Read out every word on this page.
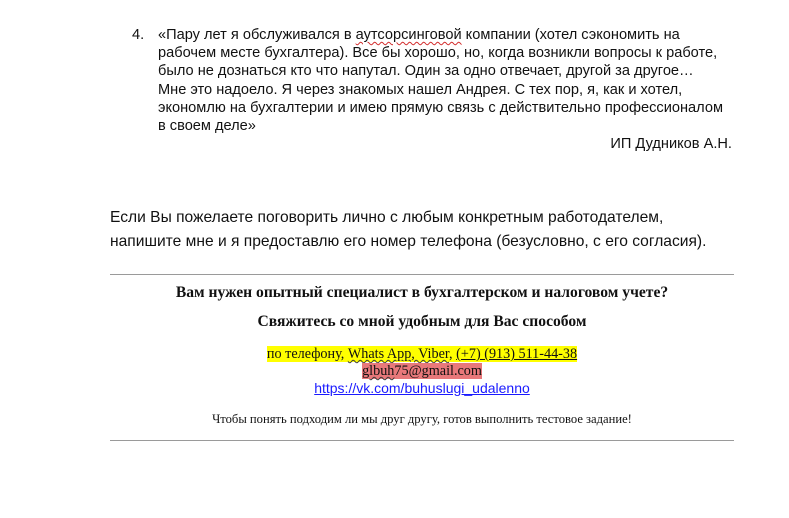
4. «Пару лет я обслуживался в аутсорсинговой компании (хотел сэкономить на
рабочем месте бухгалтера). Все бы хорошо, но, когда возникли вопросы к работе,
было не дознаться кто что напутал. Один за одно отвечает, другой за другое…
Мне это надоело. Я через знакомых нашел Андрея. С тех пор, я, как и хотел,
экономлю на бухгалтерии и имею прямую связь с действительно профессионалом
в своем деле»
ИП Дудников А.Н.
Если Вы пожелаете поговорить лично с любым конкретным работодателем,
напишите мне и я предоставлю его номер телефона (безусловно, с его согласия).
Вам нужен опытный специалист в бухгалтерском и налоговом учете?
Свяжитесь со мной удобным для Вас способом
по телефону, Whats App, Viber, (+7) (913) 511-44-38
glbuh75@gmail.com
https://vk.com/buhuslugi_udalenno
Чтобы понять подходим ли мы друг другу, готов выполнить тестовое задание!
